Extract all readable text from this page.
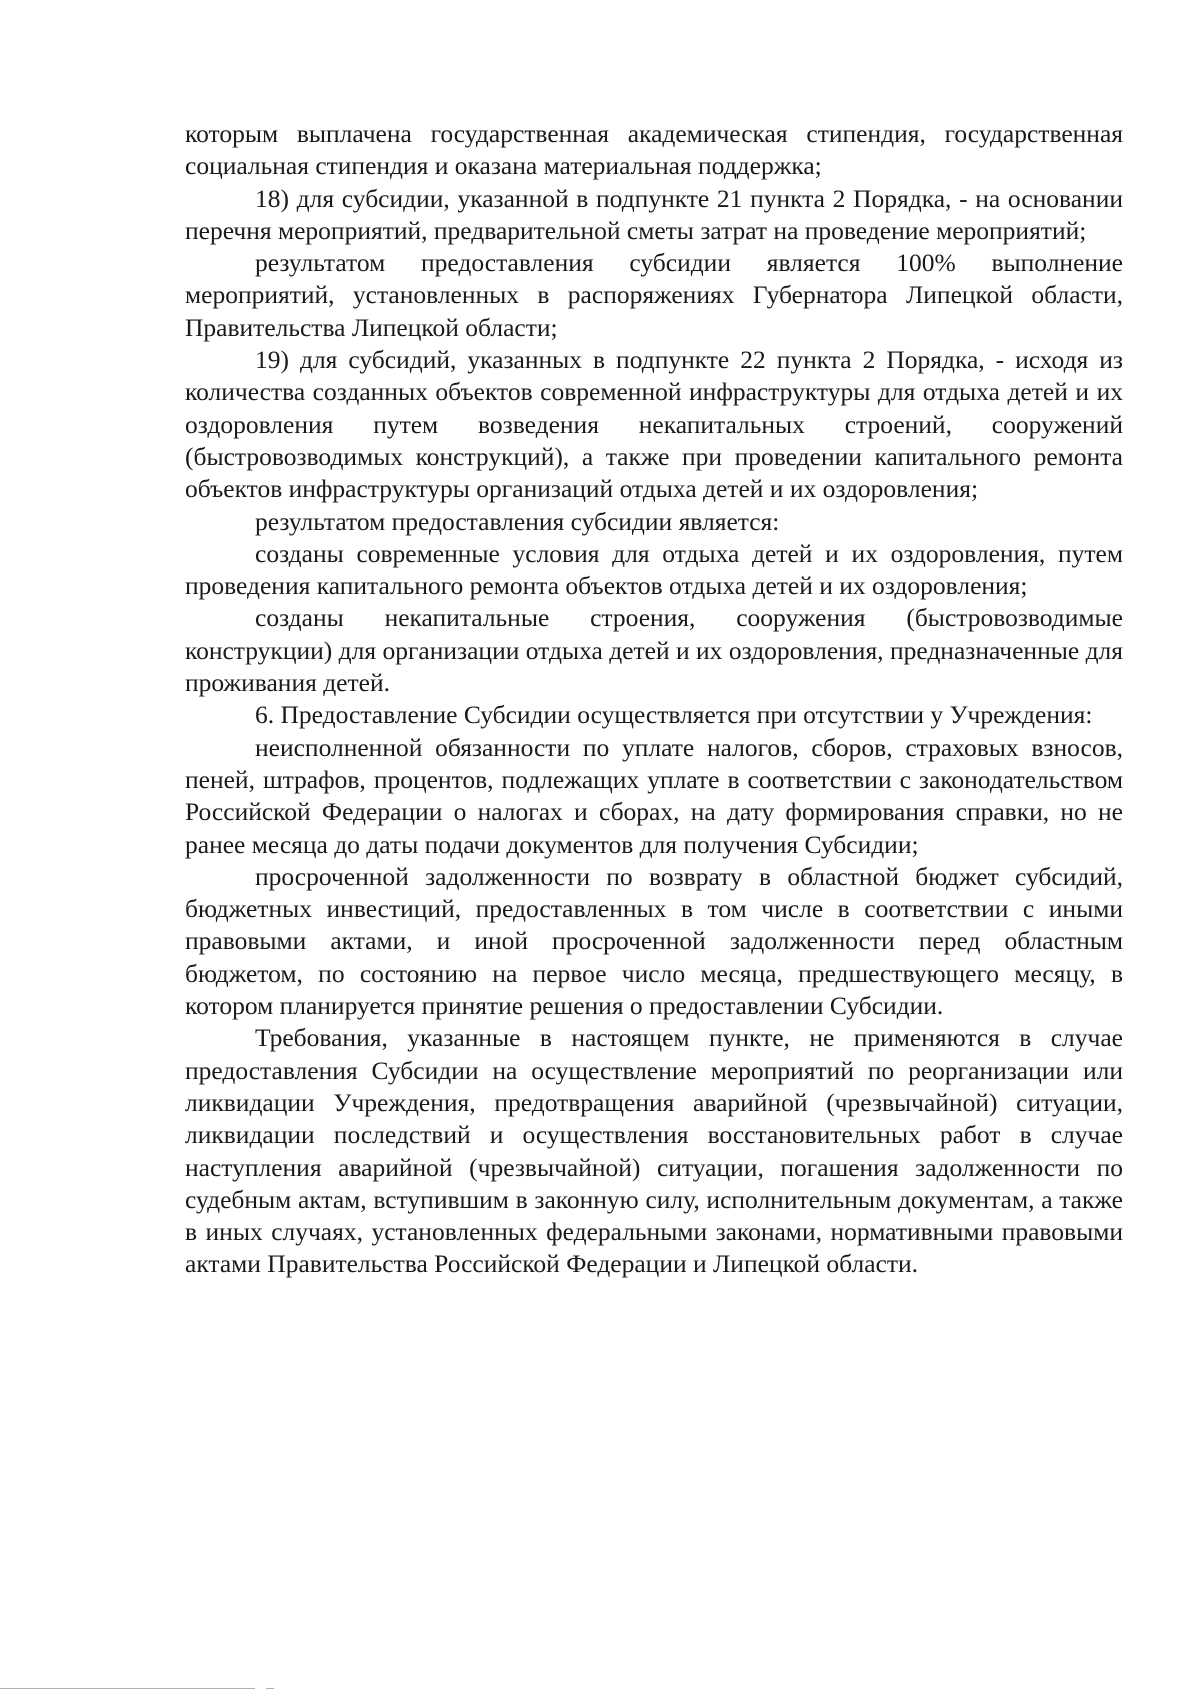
которым выплачена государственная академическая стипендия, государственная социальная стипендия и оказана материальная поддержка;

18) для субсидии, указанной в подпункте 21 пункта 2 Порядка, - на основании перечня мероприятий, предварительной сметы затрат на проведение мероприятий;

результатом предоставления субсидии является 100% выполнение мероприятий, установленных в распоряжениях Губернатора Липецкой области, Правительства Липецкой области;

19) для субсидий, указанных в подпункте 22 пункта 2 Порядка, - исходя из количества созданных объектов современной инфраструктуры для отдыха детей и их оздоровления путем возведения некапитальных строений, сооружений (быстровозводимых конструкций), а также при проведении капитального ремонта объектов инфраструктуры организаций отдыха детей и их оздоровления;

результатом предоставления субсидии является:

созданы современные условия для отдыха детей и их оздоровления, путем проведения капитального ремонта объектов отдыха детей и их оздоровления;

созданы некапитальные строения, сооружения (быстровозводимые конструкции) для организации отдыха детей и их оздоровления, предназначенные для проживания детей.

6. Предоставление Субсидии осуществляется при отсутствии у Учреждения:

неисполненной обязанности по уплате налогов, сборов, страховых взносов, пеней, штрафов, процентов, подлежащих уплате в соответствии с законодательством Российской Федерации о налогах и сборах, на дату формирования справки, но не ранее месяца до даты подачи документов для получения Субсидии;

просроченной задолженности по возврату в областной бюджет субсидий, бюджетных инвестиций, предоставленных в том числе в соответствии с иными правовыми актами, и иной просроченной задолженности перед областным бюджетом, по состоянию на первое число месяца, предшествующего месяцу, в котором планируется принятие решения о предоставлении Субсидии.

Требования, указанные в настоящем пункте, не применяются в случае предоставления Субсидии на осуществление мероприятий по реорганизации или ликвидации Учреждения, предотвращения аварийной (чрезвычайной) ситуации, ликвидации последствий и осуществления восстановительных работ в случае наступления аварийной (чрезвычайной) ситуации, погашения задолженности по судебным актам, вступившим в законную силу, исполнительным документам, а также в иных случаях, установленных федеральными законами, нормативными правовыми актами Правительства Российской Федерации и Липецкой области.
